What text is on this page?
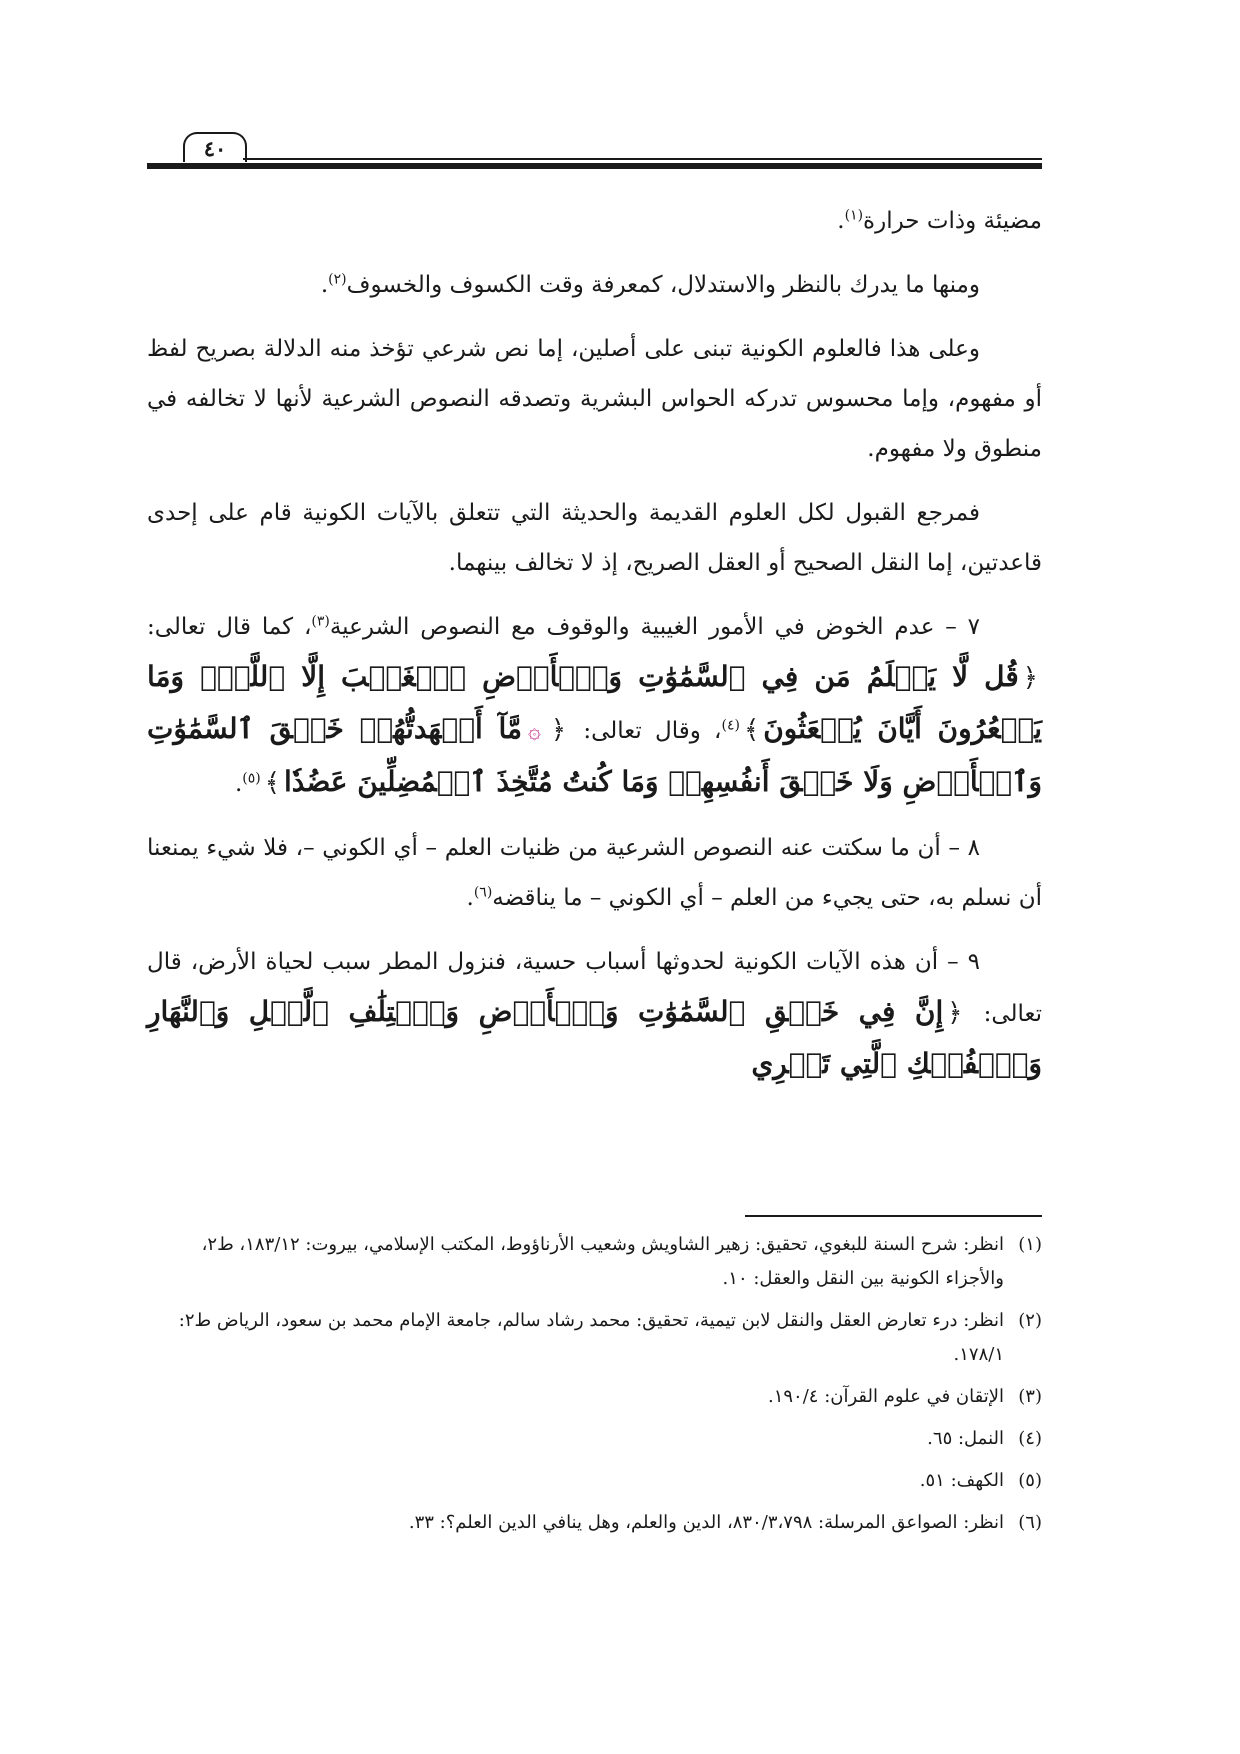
٤٠

مضيئة وذات حرارة$^{(١)}$.

ومنها ما يدرك بالنظر والاستدلال، كمعرفة وقت الكسوف والخسوف$^{(٢)}$.

وعلى هذا فالعلوم الكونية تبنى على أصلين، إما نص شرعي تؤخذ منه الدلالة بصريح لفظ أو مفهوم، وإما محسوس تدركه الحواس البشرية وتصدقه النصوص الشرعية لأنها لا تخالفه في منطوق ولا مفهوم.

فمرجع القبول لكل العلوم القديمة والحديثة التي تتعلق بالآيات الكونية قام على إحدى قاعدتين، إما النقل الصحيح أو العقل الصريح، إذ لا تخالف بينهما.

٧ – عدم الخوض في الأمور الغيبية والوقوف مع النصوص الشرعية$^{(٣)}$، كما قال تعالى: ﴿قُل لَّا يَعۡلَمُ مَن فِي ٱلسَّمَٰوَٰتِ وَٱلۡأَرۡضِ ٱلۡغَيۡبَ إِلَّا ٱللَّهُۚ وَمَا يَشۡعُرُونَ أَيَّانَ يُبۡعَثُونَ﴾$^{(٤)}$، وقال تعالى: ﴿۞مَّآ أَشۡهَدتُّهُمۡ خَلۡقَ ٱلسَّمَٰوَٰتِ وَٱلۡأَرۡضِ وَلَا خَلۡقَ أَنفُسِهِمۡ وَمَا كُنتُ مُتَّخِذَ ٱلۡمُضِلِّينَ عَضُدٗا﴾$^{(٥)}$.

٨ – أن ما سكتت عنه النصوص الشرعية من ظنيات العلم – أي الكوني –، فلا شيء يمنعنا أن نسلم به، حتى يجيء من العلم – أي الكوني – ما يناقضه$^{(٦)}$.

٩ – أن هذه الآيات الكونية لحدوثها أسباب حسية، فنزول المطر سبب لحياة الأرض، قال تعالى: ﴿إِنَّ فِي خَلۡقِ ٱلسَّمَٰوَٰتِ وَٱلۡأَرۡضِ وَٱخۡتِلَٰفِ ٱلَّيۡلِ وَٱلنَّهَارِ وَٱلۡفُلۡكِ ٱلَّتِي تَجۡرِي

(١)انظر: شرح السنة للبغوي، تحقيق: زهير الشاويش وشعيب الأرناؤوط، المكتب الإسلامي، بيروت: ١٨٣/١٢، ط٢، والأجزاء الكونية بين النقل والعقل: ١٠.

(٢)انظر: درء تعارض العقل والنقل لابن تيمية، تحقيق: محمد رشاد سالم، جامعة الإمام محمد بن سعود، الرياض ط٢: ١٧٨/١.

(٣)الإتقان في علوم القرآن: ١٩٠/٤.

(٤)النمل: ٦٥.

(٥)الكهف: ٥١.

(٦)انظر: الصواعق المرسلة: ٨٣٠/٣،٧٩٨، الدين والعلم، وهل ينافي الدين العلم؟: ٣٣.
